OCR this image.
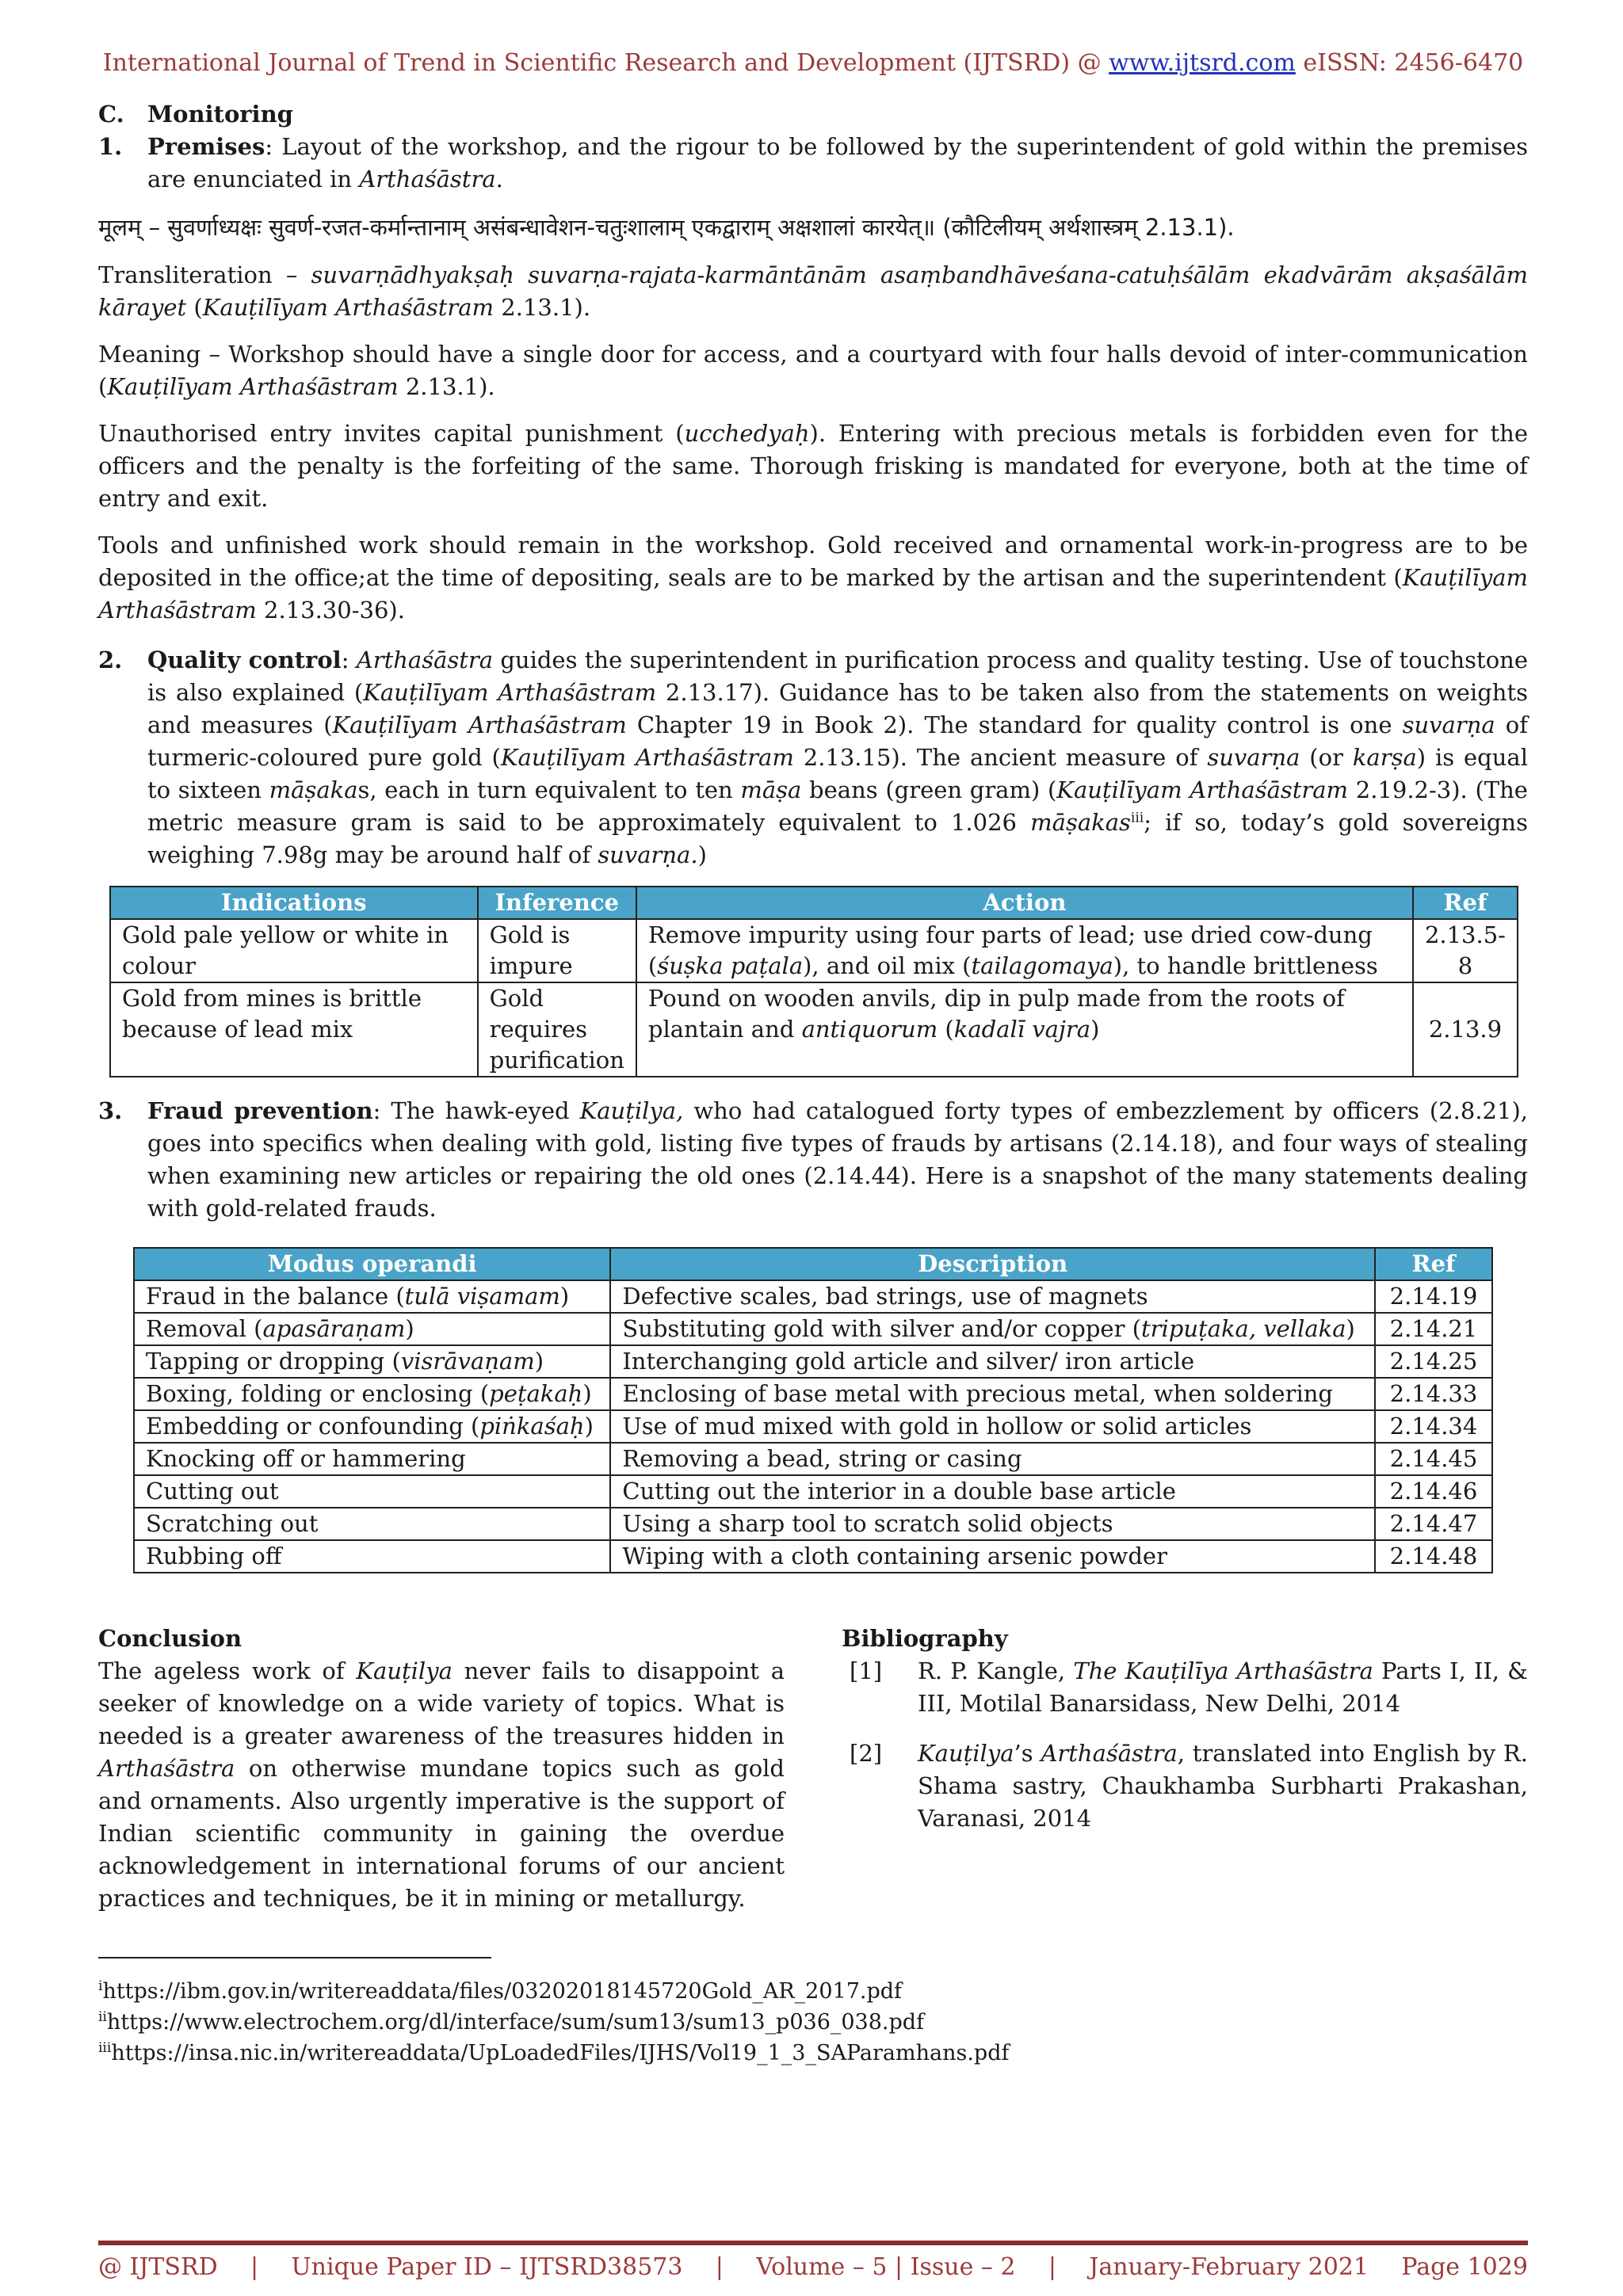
International Journal of Trend in Scientific Research and Development (IJTSRD) @ www.ijtsrd.com eISSN: 2456-6470
C.	Monitoring
1.	Premises: Layout of the workshop, and the rigour to be followed by the superintendent of gold within the premises are enunciated in Arthaśāstra.

मूलम् – सुवर्णाध्यक्षः सुवर्ण-रजत-कर्मान्तानाम् असंबन्धावेशन-चतुःशालाम् एकद्वाराम् अक्षशालां कारयेत्॥ (कौटिलीयम् अर्थशास्त्रम् 2.13.1).

Transliteration – suvarṇādhyakṣaḥ suvarṇa-rajata-karmāntānām asaṃbandhāveśana-catuḥśālām ekadvārām akṣaśālām kārayet (Kauṭilīyam Arthaśāstram 2.13.1).

Meaning – Workshop should have a single door for access, and a courtyard with four halls devoid of inter-communication (Kauṭilīyam Arthaśāstram 2.13.1).

Unauthorised entry invites capital punishment (ucchedyaḥ). Entering with precious metals is forbidden even for the officers and the penalty is the forfeiting of the same. Thorough frisking is mandated for everyone, both at the time of entry and exit.

Tools and unfinished work should remain in the workshop. Gold received and ornamental work-in-progress are to be deposited in the office;at the time of depositing, seals are to be marked by the artisan and the superintendent (Kauṭilīyam Arthaśāstram 2.13.30-36).

2.	Quality control: Arthaśāstra guides the superintendent in purification process and quality testing. Use of touchstone is also explained (Kauṭilīyam Arthaśāstram 2.13.17). Guidance has to be taken also from the statements on weights and measures (Kauṭilīyam Arthaśāstram Chapter 19 in Book 2). The standard for quality control is one suvarṇa of turmeric-coloured pure gold (Kauṭilīyam Arthaśāstram 2.13.15). The ancient measure of suvarṇa (or karṣa) is equal to sixteen māṣakas, each in turn equivalent to ten māṣa beans (green gram) (Kauṭilīyam Arthaśāstram 2.19.2-3). (The metric measure gram is said to be approximately equivalent to 1.026 māṣakas$^{iii}$; if so, today’s gold sovereigns weighing 7.98g may be around half of suvarṇa.)
Indications	Inference	Action	Ref
Gold pale yellow or white in colour	Gold is impure	Remove impurity using four parts of lead; use dried cow-dung (śuṣka paṭala), and oil mix (tailagomaya), to handle brittleness	2.13.5-8
Gold from mines is brittle because of lead mix	Gold requires purification	Pound on wooden anvils, dip in pulp made from the roots of plantain and antiquorum (kadalī vajra)	2.13.9
3.	Fraud prevention: The hawk-eyed Kauṭilya, who had catalogued forty types of embezzlement by officers (2.8.21), goes into specifics when dealing with gold, listing five types of frauds by artisans (2.14.18), and four ways of stealing when examining new articles or repairing the old ones (2.14.44). Here is a snapshot of the many statements dealing with gold-related frauds.
Modus operandi	Description	Ref
Fraud in the balance (tulā viṣamam)	Defective scales, bad strings, use of magnets	2.14.19
Removal (apasāraṇam)	Substituting gold with silver and/or copper (tripuṭaka, vellaka)	2.14.21
Tapping or dropping (visrāvaṇam)	Interchanging gold article and silver/ iron article	2.14.25
Boxing, folding or enclosing (peṭakaḥ)	Enclosing of base metal with precious metal, when soldering	2.14.33
Embedding or confounding (piṅkaśaḥ)	Use of mud mixed with gold in hollow or solid articles	2.14.34
Knocking off or hammering	Removing a bead, string or casing	2.14.45
Cutting out	Cutting out the interior in a double base article	2.14.46
Scratching out	Using a sharp tool to scratch solid objects	2.14.47
Rubbing off	Wiping with a cloth containing arsenic powder	2.14.48

Conclusion

The ageless work of Kauṭilya never fails to disappoint a seeker of knowledge on a wide variety of topics. What is needed is a greater awareness of the treasures hidden in Arthaśāstra on otherwise mundane topics such as gold and ornaments. Also urgently imperative is the support of Indian scientific community in gaining the overdue acknowledgement in international forums of our ancient practices and techniques, be it in mining or metallurgy.

Bibliography

[1]	R. P. Kangle, The Kauṭilīya Arthaśāstra Parts I, II, & III, Motilal Banarsidass, New Delhi, 2014
[2]	Kauṭilya’s Arthaśāstra, translated into English by R. Shama sastry, Chaukhamba Surbharti Prakashan, Varanasi, 2014
$^i$https://ibm.gov.in/writereaddata/files/03202018145720Gold_AR_2017.pdf
$^{ii}$https://www.electrochem.org/dl/interface/sum/sum13/sum13_p036_038.pdf
$^{iii}$https://insa.nic.in/writereaddata/UpLoadedFiles/IJHS/Vol19_1_3_SAParamhans.pdf
@ IJTSRD | Unique Paper ID – IJTSRD38573 | Volume – 5 | Issue – 2 | January-February 2021 Page 1029
